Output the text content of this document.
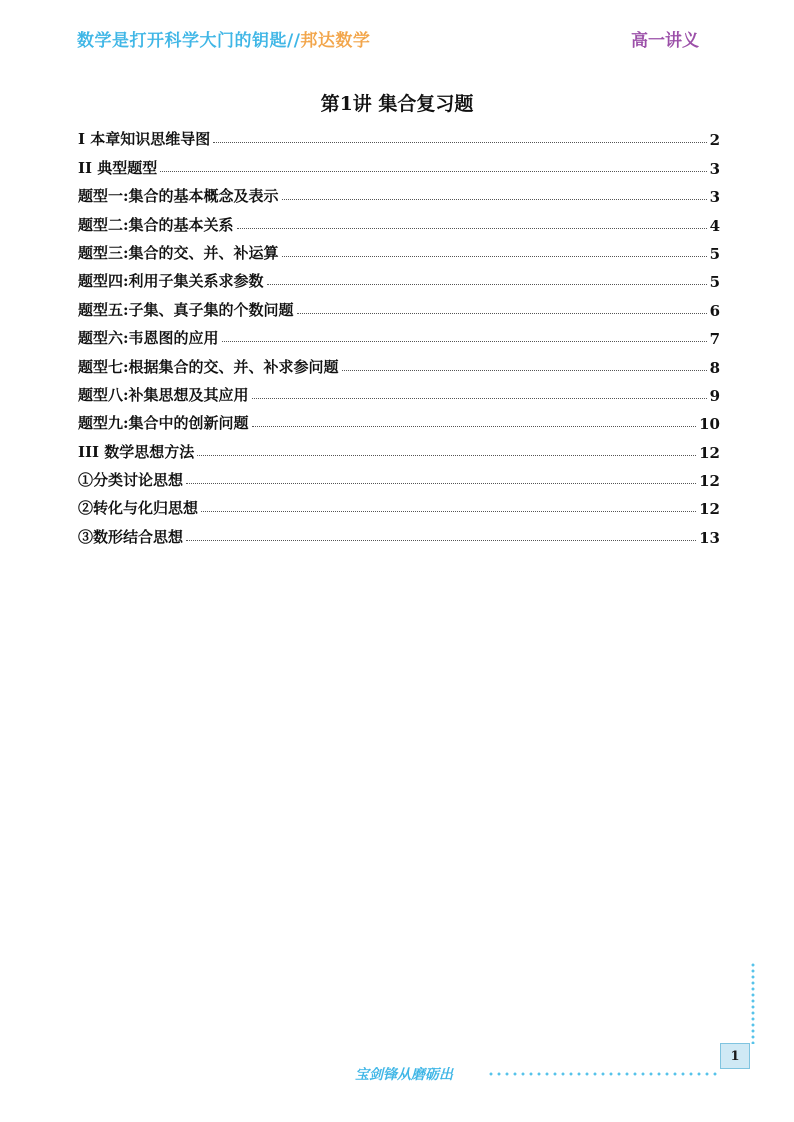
数学是打开科学大门的钥匙//邦达数学	高一讲义
第1讲 集合复习题
I 本章知识思维导图	2
II 典型题型	3
题型一:集合的基本概念及表示	3
题型二:集合的基本关系	4
题型三:集合的交、并、补运算	5
题型四:利用子集关系求参数	5
题型五:子集、真子集的个数问题	6
题型六:韦恩图的应用	7
题型七:根据集合的交、并、补求参问题	8
题型八:补集思想及其应用	9
题型九:集合中的创新问题	10
III 数学思想方法	12
①分类讨论思想	12
②转化与化归思想	12
③数形结合思想	13
1
宝剑锋从磨砺出
